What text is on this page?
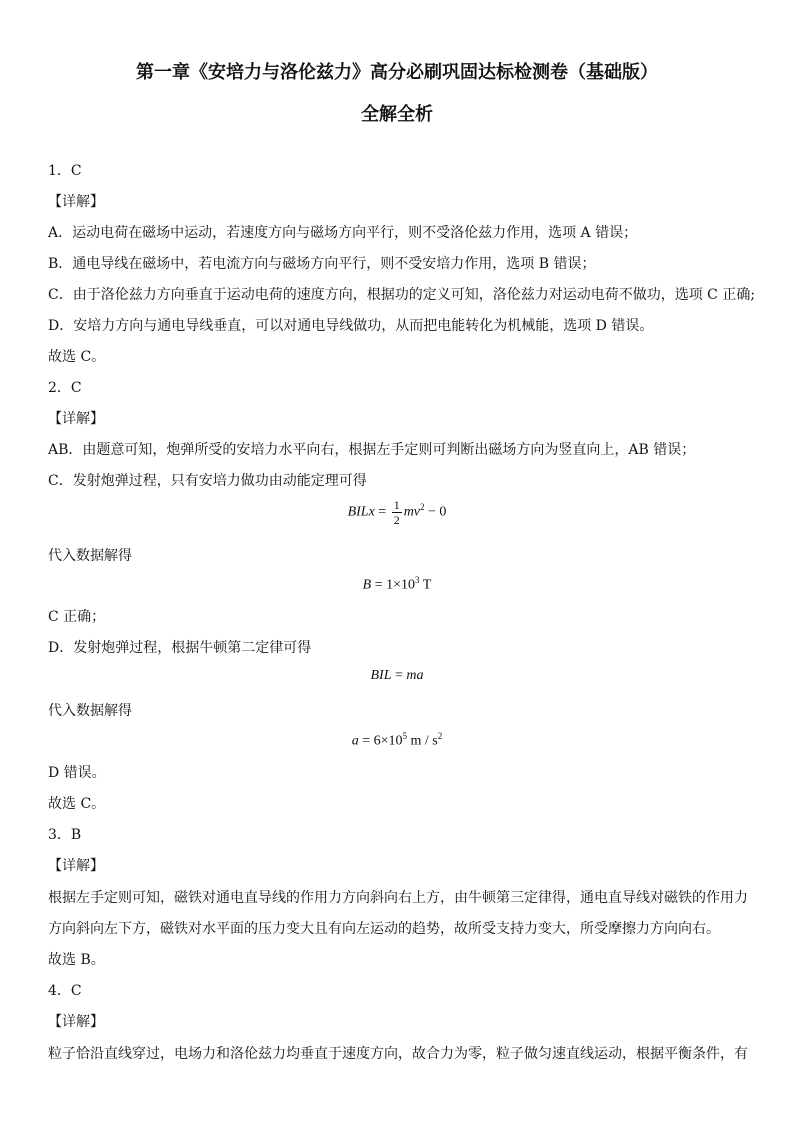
第一章《安培力与洛伦兹力》高分必刷巩固达标检测卷（基础版）
全解全析
1．C
【详解】
A．运动电荷在磁场中运动，若速度方向与磁场方向平行，则不受洛伦兹力作用，选项 A 错误；
B．通电导线在磁场中，若电流方向与磁场方向平行，则不受安培力作用，选项 B 错误；
C．由于洛伦兹力方向垂直于运动电荷的速度方向，根据功的定义可知，洛伦兹力对运动电荷不做功，选项 C 正确;
D．安培力方向与通电导线垂直，可以对通电导线做功，从而把电能转化为机械能，选项 D 错误。
故选 C。
2．C
【详解】
AB．由题意可知，炮弹所受的安培力水平向右，根据左手定则可判断出磁场方向为竖直向上，AB 错误；
C．发射炮弹过程，只有安培力做功由动能定理可得
BILx = $\frac{1}{2} mv^2 - 0$
代入数据解得
$B = 1\times 10^3$ T
C 正确；
D．发射炮弹过程，根据牛顿第二定律可得
BIL = ma
代入数据解得
$a = 6\times 10^5$ m / $s^2$
D 错误。
故选 C。
3．B
【详解】
根据左手定则可知，磁铁对通电直导线的作用力方向斜向右上方，由牛顿第三定律得，通电直导线对磁铁的作用力
方向斜向左下方，磁铁对水平面的压力变大且有向左运动的趋势，故所受支持力变大，所受摩擦力方向向右。
故选 B。
4．C
【详解】
粒子恰沿直线穿过，电场力和洛伦兹力均垂直于速度方向，故合力为零，粒子做匀速直线运动，根据平衡条件，有
